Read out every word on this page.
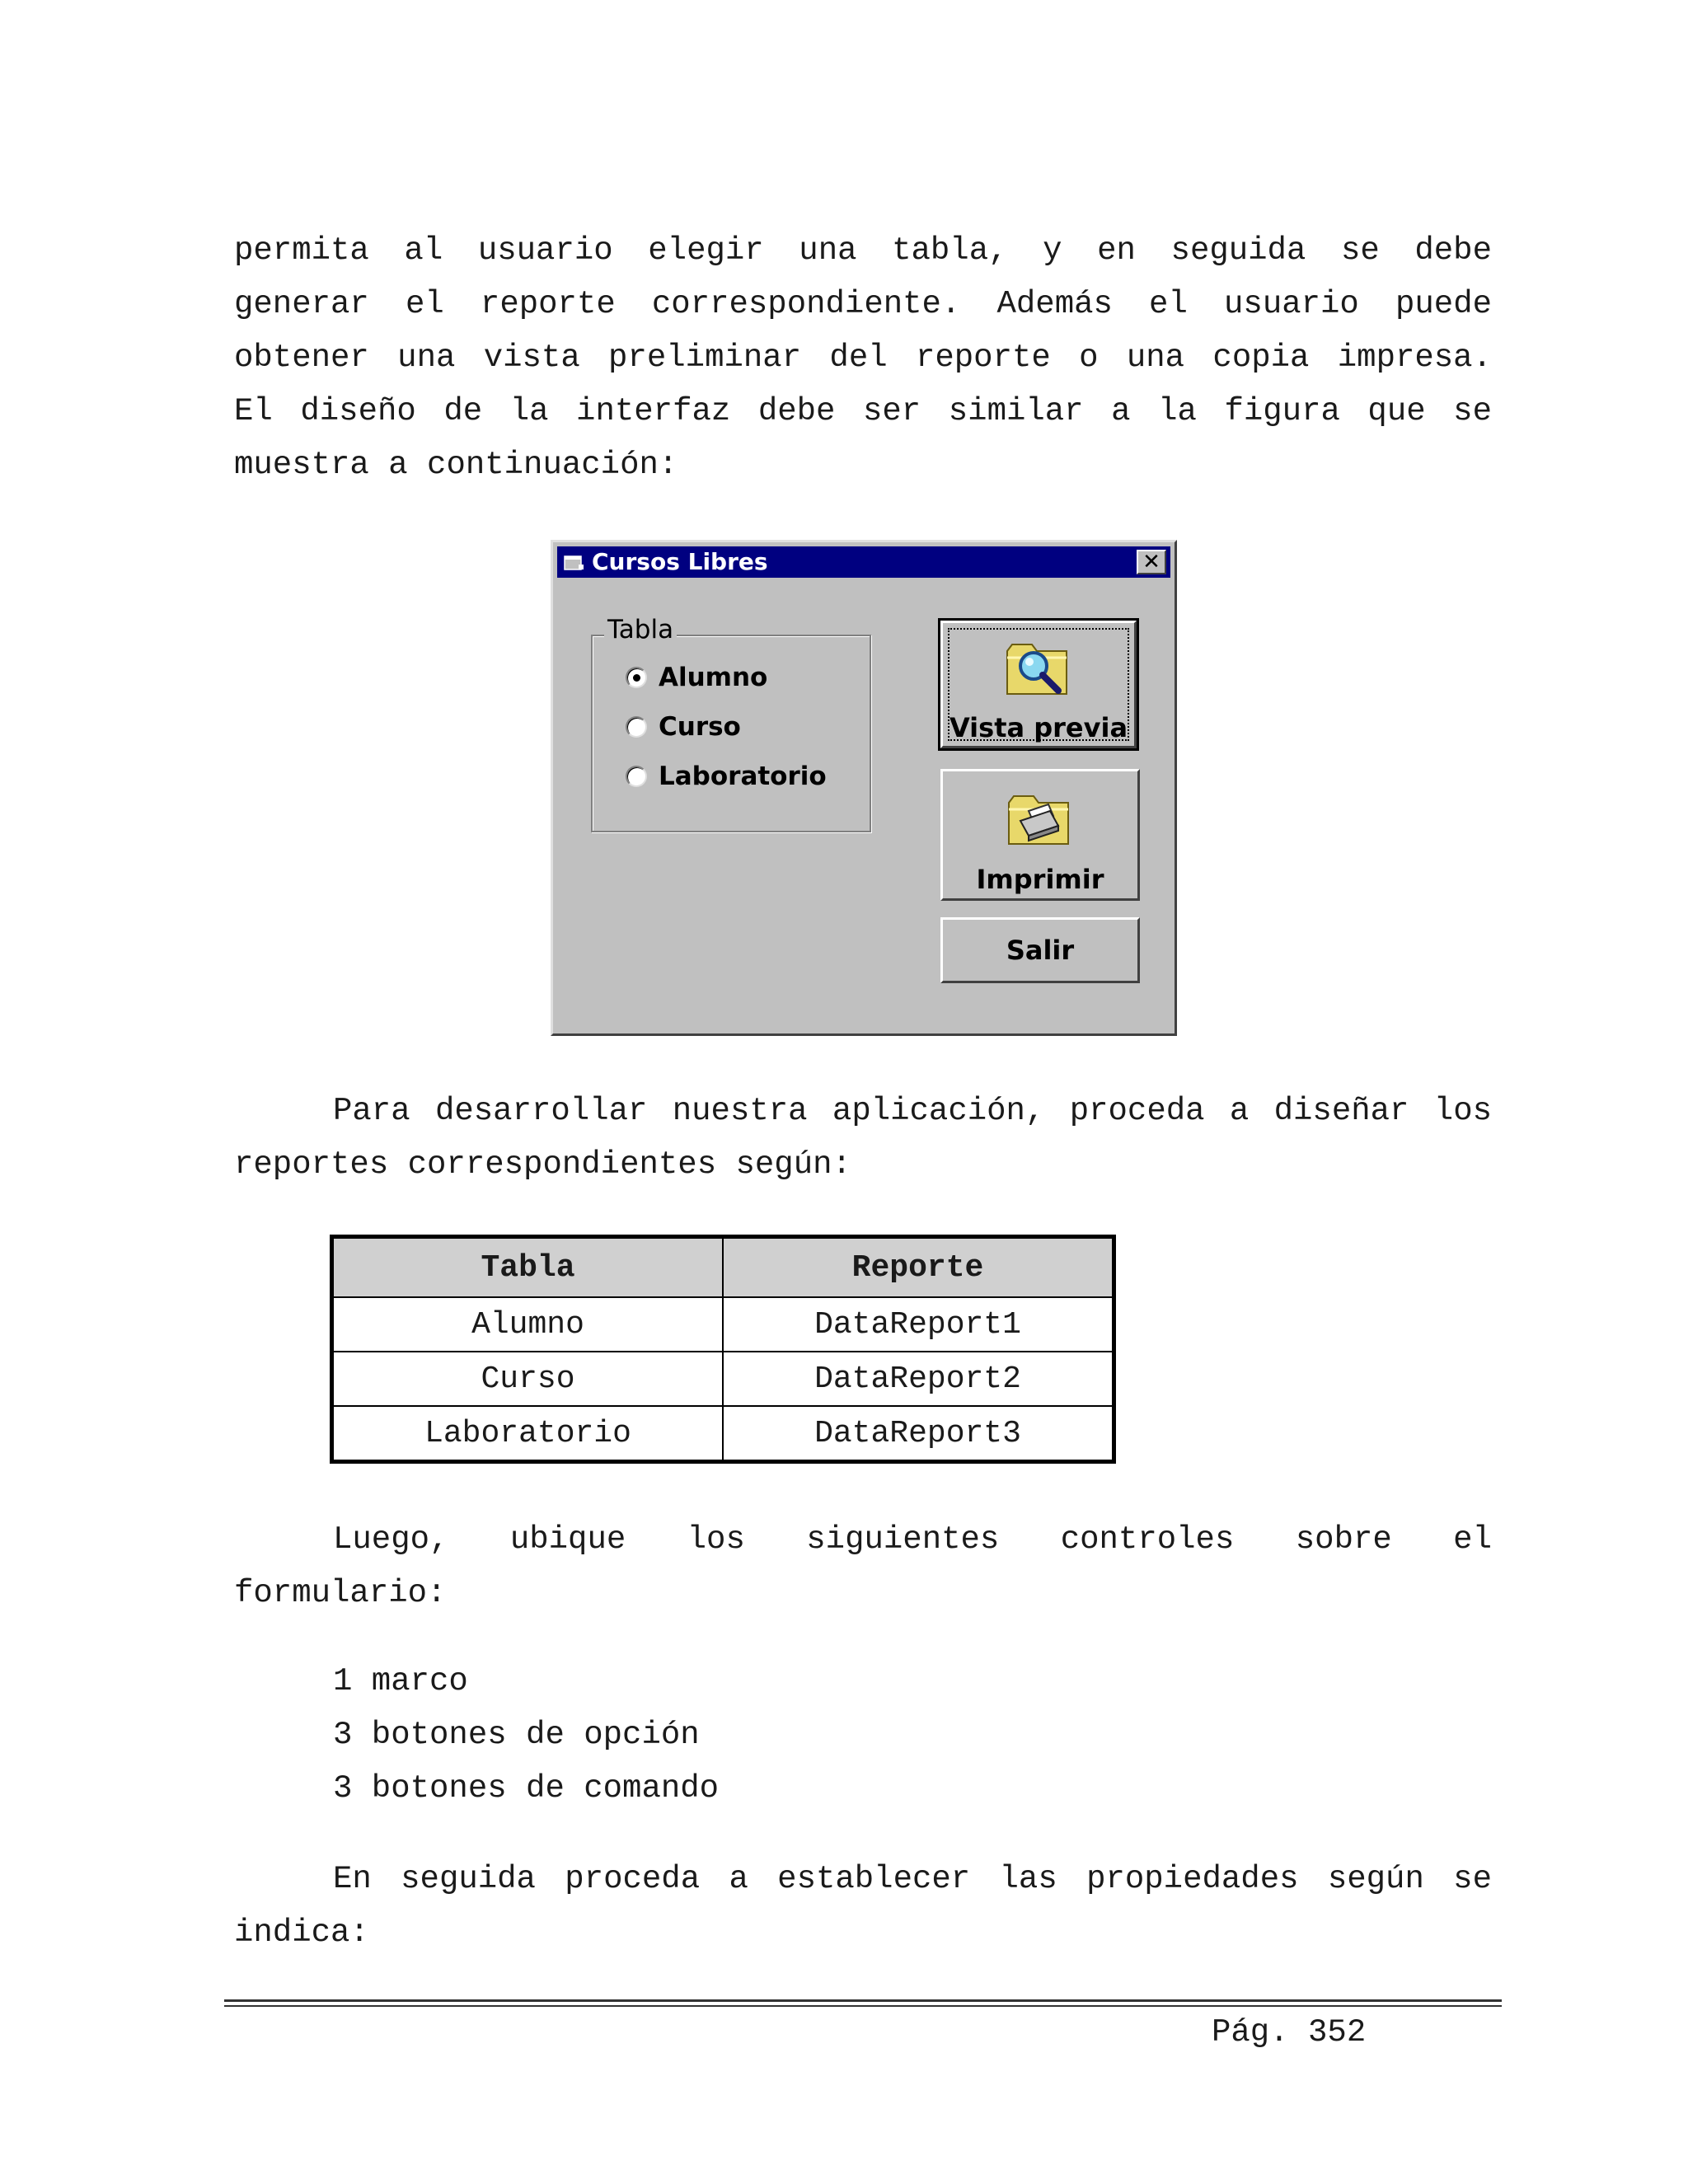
permita al usuario elegir una tabla, y en seguida se debe
generar el reporte correspondiente. Además el usuario puede
obtener una vista preliminar del reporte o una copia impresa.
El diseño de la interfaz debe ser similar a la figura que se
muestra a continuación:
Cursos Libres	✕
Tabla
Alumno
Curso
Laboratorio
Vista previa
Imprimir
Salir
Para desarrollar nuestra aplicación, proceda a diseñar los
reportes correspondientes según:
Tabla	Reporte
Alumno	DataReport1
Curso	DataReport2
Laboratorio	DataReport3
Luego, ubique los siguientes controles sobre el
formulario:
1 marco
3 botones de opción
3 botones de comando
En seguida proceda a establecer las propiedades según se
indica:
Pág. 352
